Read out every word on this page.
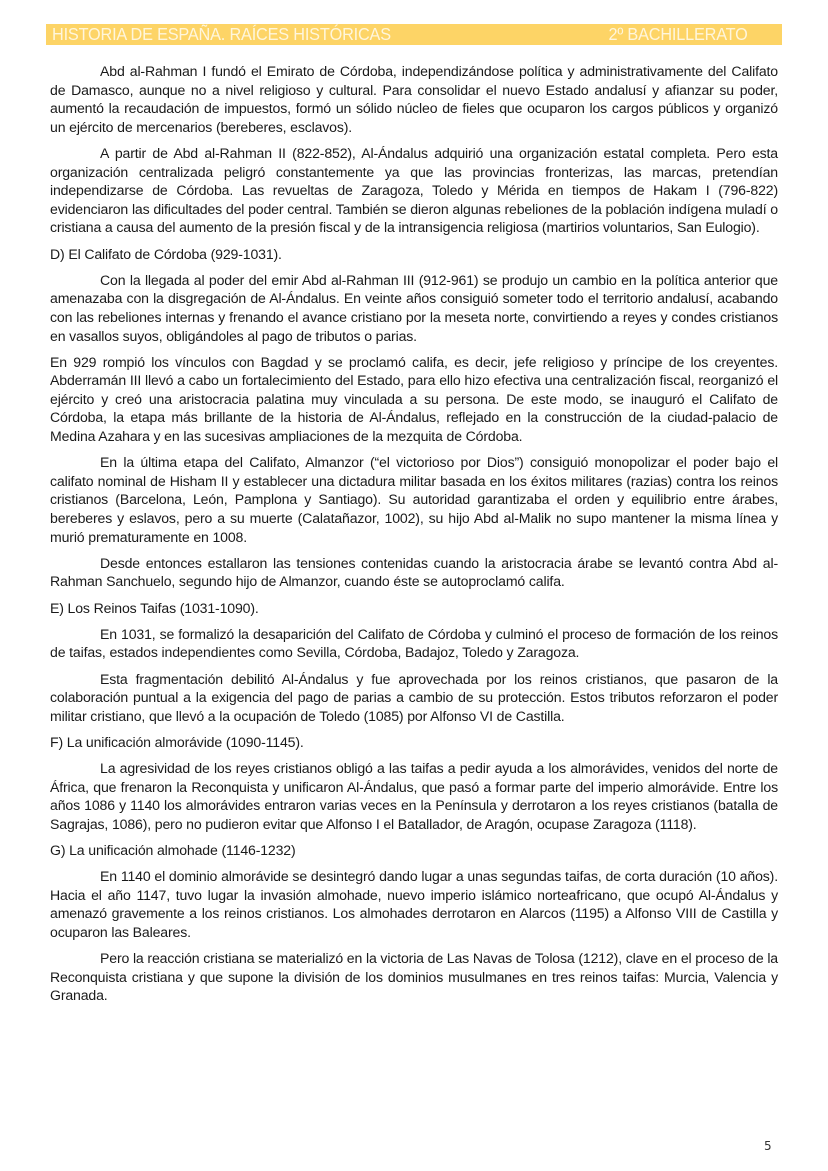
HISTORIA DE ESPAÑA. RAÍCES HISTÓRICAS	2º BACHILLERATO

Abd al-Rahman I fundó el Emirato de Córdoba, independizándose política y administrativamente del Califato de Damasco, aunque no a nivel religioso y cultural. Para consolidar el nuevo Estado andalusí y afianzar su poder, aumentó la recaudación de impuestos, formó un sólido núcleo de fieles que ocuparon los cargos públicos y organizó un ejército de mercenarios (bereberes, esclavos).

A partir de Abd al-Rahman II (822-852), Al-Ándalus adquirió una organización estatal completa. Pero esta organización centralizada peligró constantemente ya que las provincias fronterizas, las marcas, pretendían independizarse de Córdoba. Las revueltas de Zaragoza, Toledo y Mérida en tiempos de Hakam I (796-822) evidenciaron las dificultades del poder central. También se dieron algunas rebeliones de la población indígena muladí o cristiana a causa del aumento de la presión fiscal y de la intransigencia religiosa (martirios voluntarios, San Eulogio).

D) El Califato de Córdoba (929-1031).

Con la llegada al poder del emir Abd al-Rahman III (912-961) se produjo un cambio en la política anterior que amenazaba con la disgregación de Al-Ándalus. En veinte años consiguió someter todo el territorio andalusí, acabando con las rebeliones internas y frenando el avance cristiano por la meseta norte, convirtiendo a reyes y condes cristianos en vasallos suyos, obligándoles al pago de tributos o parias.

En 929 rompió los vínculos con Bagdad y se proclamó califa, es decir, jefe religioso y príncipe de los creyentes. Abderramán III llevó a cabo un fortalecimiento del Estado, para ello hizo efectiva una centralización fiscal, reorganizó el ejército y creó una aristocracia palatina muy vinculada a su persona. De este modo, se inauguró el Califato de Córdoba, la etapa más brillante de la historia de Al-Ándalus, reflejado en la construcción de la ciudad-palacio de Medina Azahara y en las sucesivas ampliaciones de la mezquita de Córdoba.

En la última etapa del Califato, Almanzor (“el victorioso por Dios”) consiguió monopolizar el poder bajo el califato nominal de Hisham II y establecer una dictadura militar basada en los éxitos militares (razias) contra los reinos cristianos (Barcelona, León, Pamplona y Santiago). Su autoridad garantizaba el orden y equilibrio entre árabes, bereberes y eslavos, pero a su muerte (Calatañazor, 1002), su hijo Abd al-Malik no supo mantener la misma línea y murió prematuramente en 1008.

Desde entonces estallaron las tensiones contenidas cuando la aristocracia árabe se levantó contra Abd al-Rahman Sanchuelo, segundo hijo de Almanzor, cuando éste se autoproclamó califa.

E) Los Reinos Taifas (1031-1090).

En 1031, se formalizó la desaparición del Califato de Córdoba y culminó el proceso de formación de los reinos de taifas, estados independientes como Sevilla, Córdoba, Badajoz, Toledo y Zaragoza.

Esta fragmentación debilitó Al-Ándalus y fue aprovechada por los reinos cristianos, que pasaron de la colaboración puntual a la exigencia del pago de parias a cambio de su protección. Estos tributos reforzaron el poder militar cristiano, que llevó a la ocupación de Toledo (1085) por Alfonso VI de Castilla.

F) La unificación almorávide (1090-1145).

La agresividad de los reyes cristianos obligó a las taifas a pedir ayuda a los almorávides, venidos del norte de África, que frenaron la Reconquista y unificaron Al-Ándalus, que pasó a formar parte del imperio almorávide. Entre los años 1086 y 1140 los almorávides entraron varias veces en la Península y derrotaron a los reyes cristianos (batalla de Sagrajas, 1086), pero no pudieron evitar que Alfonso I el Batallador, de Aragón, ocupase Zaragoza (1118).

G) La unificación almohade (1146-1232)

En 1140 el dominio almorávide se desintegró dando lugar a unas segundas taifas, de corta duración (10 años). Hacia el año 1147, tuvo lugar la invasión almohade, nuevo imperio islámico norteafricano, que ocupó Al-Ándalus y amenazó gravemente a los reinos cristianos. Los almohades derrotaron en Alarcos (1195) a Alfonso VIII de Castilla y ocuparon las Baleares.

Pero la reacción cristiana se materializó en la victoria de Las Navas de Tolosa (1212), clave en el proceso de la Reconquista cristiana y que supone la división de los dominios musulmanes en tres reinos taifas: Murcia, Valencia y Granada.

5
